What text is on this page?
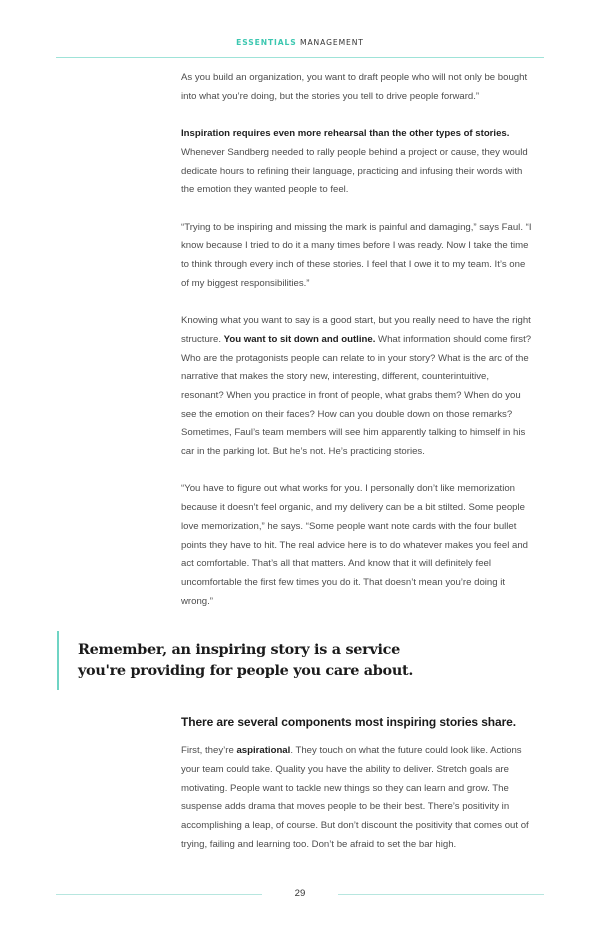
ESSENTIALS MANAGEMENT

As you build an organization, you want to draft people who will not only be bought into what you’re doing, but the stories you tell to drive people forward.”

Inspiration requires even more rehearsal than the other types of stories.
Whenever Sandberg needed to rally people behind a project or cause, they would dedicate hours to refining their language, practicing and infusing their words with the emotion they wanted people to feel.

“Trying to be inspiring and missing the mark is painful and damaging,” says Faul. “I know because I tried to do it a many times before I was ready. Now I take the time to think through every inch of these stories. I feel that I owe it to my team. It’s one of my biggest responsibilities.”

Knowing what you want to say is a good start, but you really need to have the right structure. You want to sit down and outline. What information should come first? Who are the protagonists people can relate to in your story? What is the arc of the narrative that makes the story new, interesting, different, counterintuitive, resonant? When you practice in front of people, what grabs them? When do you see the emotion on their faces? How can you double down on those remarks? Sometimes, Faul’s team members will see him apparently talking to himself in his car in the parking lot. But he’s not. He’s practicing stories.

“You have to figure out what works for you. I personally don’t like memorization because it doesn’t feel organic, and my delivery can be a bit stilted. Some people love memorization,” he says. “Some people want note cards with the four bullet points they have to hit. The real advice here is to do whatever makes you feel and act comfortable. That’s all that matters. And know that it will definitely feel uncomfortable the first few times you do it. That doesn’t mean you’re doing it wrong.”

Remember, an inspiring story is a service you're providing for people you care about.
There are several components most inspiring stories share.

First, they’re aspirational. They touch on what the future could look like. Actions your team could take. Quality you have the ability to deliver. Stretch goals are motivating. People want to tackle new things so they can learn and grow. The suspense adds drama that moves people to be their best. There’s positivity in accomplishing a leap, of course. But don’t discount the positivity that comes out of trying, failing and learning too. Don’t be afraid to set the bar high.

29
